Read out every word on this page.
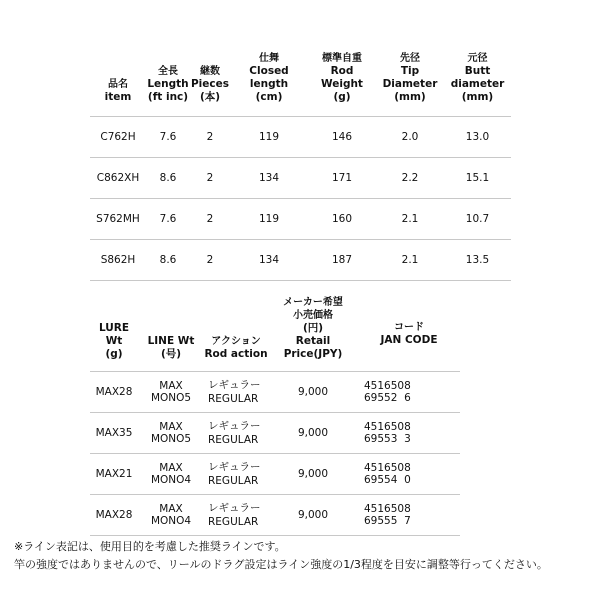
品名
item	全長
Length
(ft inc)	継数
Pieces
(本)	仕舞
Closed length
(cm)	標準自重
Rod Weight
(g)	先径
Tip Diameter
(mm)	元径
Butt diameter
(mm)
C762H	7.6	2	119	146	2.0	13.0
C862XH	8.6	2	134	171	2.2	15.1
S762MH	7.6	2	119	160	2.1	10.7
S862H	8.6	2	134	187	2.1	13.5
LURE Wt
(g)	LINE Wt
(号)	アクション
Rod action	メーカー希望
小売価格
(円)
Retail Price(JPY)	コード
JAN CODE
MAX28	MAX MONO5	レギュラー
REGULAR	9,000	4516508 69552 6
MAX35	MAX MONO5	レギュラー
REGULAR	9,000	4516508 69553 3
MAX21	MAX MONO4	レギュラー
REGULAR	9,000	4516508 69554 0
MAX28	MAX MONO4	レギュラー
REGULAR	9,000	4516508 69555 7
※ライン表記は、使用目的を考慮した推奨ラインです。
竿の強度ではありませんので、リールのドラグ設定はライン強度の1/3程度を目安に調整等行ってください。
